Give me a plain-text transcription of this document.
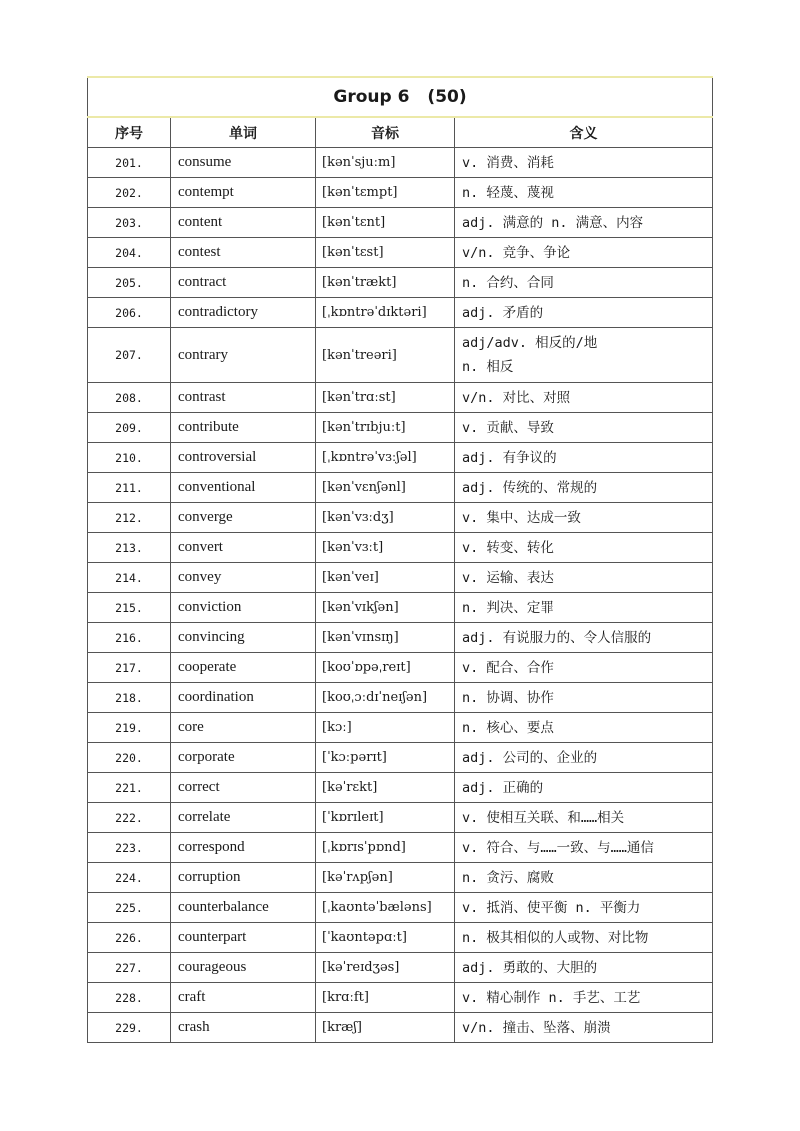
Group 6 (50)			
序号	单词	音标	含义
201.	consume	[kənˈsjuːm]	v. 消费、消耗

202.	contempt	[kənˈtɛmpt]	n. 轻蔑、蔑视

203.	content	[kənˈtɛnt]	adj. 满意的 n. 满意、内容

204.	contest	[kənˈtɛst]	v/n. 竞争、争论

205.	contract	[kənˈtrækt]	n. 合约、合同

206.	contradictory	[ˌkɒntrəˈdɪktəri]	adj. 矛盾的

207.	contrary	[kənˈtreəri]	adj/adv. 相反的/地
n. 相反

208.	contrast	[kənˈtrɑːst]	v/n. 对比、对照

209.	contribute	[kənˈtrɪbjuːt]	v. 贡献、导致

210.	controversial	[ˌkɒntrəˈvɜːʃəl]	adj. 有争议的

211.	conventional	[kənˈvɛnʃənl]	adj. 传统的、常规的

212.	converge	[kənˈvɜːdʒ]	v. 集中、达成一致

213.	convert	[kənˈvɜːt]	v. 转变、转化

214.	convey	[kənˈveɪ]	v. 运输、表达

215.	conviction	[kənˈvɪkʃən]	n. 判决、定罪

216.	convincing	[kənˈvɪnsɪŋ]	adj. 有说服力的、令人信服的

217.	cooperate	[koʊˈɒpəˌreɪt]	v. 配合、合作

218.	coordination	[koʊˌɔːdɪˈneɪʃən]	n. 协调、协作

219.	core	[kɔː]	n. 核心、要点

220.	corporate	[ˈkɔːpərɪt]	adj. 公司的、企业的

221.	correct	[kəˈrɛkt]	adj. 正确的

222.	correlate	[ˈkɒrɪleɪt]	v. 使相互关联、和……相关

223.	correspond	[ˌkɒrɪsˈpɒnd]	v. 符合、与……一致、与……通信

224.	corruption	[kəˈrʌpʃən]	n. 贪污、腐败

225.	counterbalance	[ˌkaʊntəˈbæləns]	v. 抵消、使平衡 n. 平衡力

226.	counterpart	[ˈkaʊntəpɑːt]	n. 极其相似的人或物、对比物

227.	courageous	[kəˈreɪdʒəs]	adj. 勇敢的、大胆的

228.	craft	[krɑːft]	v. 精心制作 n. 手艺、工艺

229.	crash	[kræʃ]	v/n. 撞击、坠落、崩溃
